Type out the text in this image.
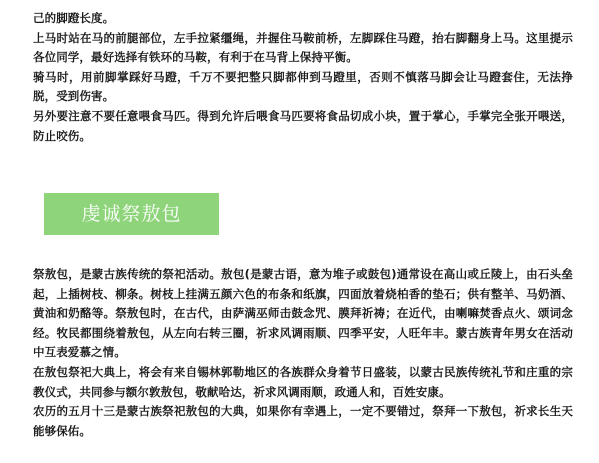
己的脚蹬长度。

上马时站在马的前腿部位，左手拉紧缰绳，并握住马鞍前桥，左脚踩住马蹬，抬右脚翻身上马。这里提示各位同学，最好选择有铁环的马鞍，有利于在马背上保持平衡。

骑马时，用前脚掌踩好马蹬，千万不要把整只脚都伸到马蹬里，否则不慎落马脚会让马蹬套住，无法挣脱，受到伤害。

另外要注意不要任意喂食马匹。得到允许后喂食马匹要将食品切成小块，置于掌心，手掌完全张开喂送，防止咬伤。

虔诚祭敖包

祭敖包，是蒙古族传统的祭祀活动。敖包(是蒙古语，意为堆子或鼓包)通常设在高山或丘陵上，由石头垒起，上插树枝、柳条。树枝上挂满五颜六色的布条和纸旗，四面放着烧柏香的垫石；供有整羊、马奶酒、黄油和奶酪等。祭敖包时，在古代，由萨满巫师击鼓念咒、膜拜祈祷；在近代，由喇嘛焚香点火、颂词念经。牧民都围绕着敖包，从左向右转三圈，祈求风调雨顺、四季平安，人旺年丰。蒙古族青年男女在活动中互表爱慕之情。

在敖包祭祀大典上，将会有来自锡林郭勒地区的各族群众身着节日盛装，以蒙古民族传统礼节和庄重的宗教仪式，共同参与额尔敦敖包，敬献哈达，祈求风调雨顺，政通人和，百姓安康。

农历的五月十三是蒙古族祭祀敖包的大典，如果你有幸遇上，一定不要错过，祭拜一下敖包，祈求长生天能够保佑。
